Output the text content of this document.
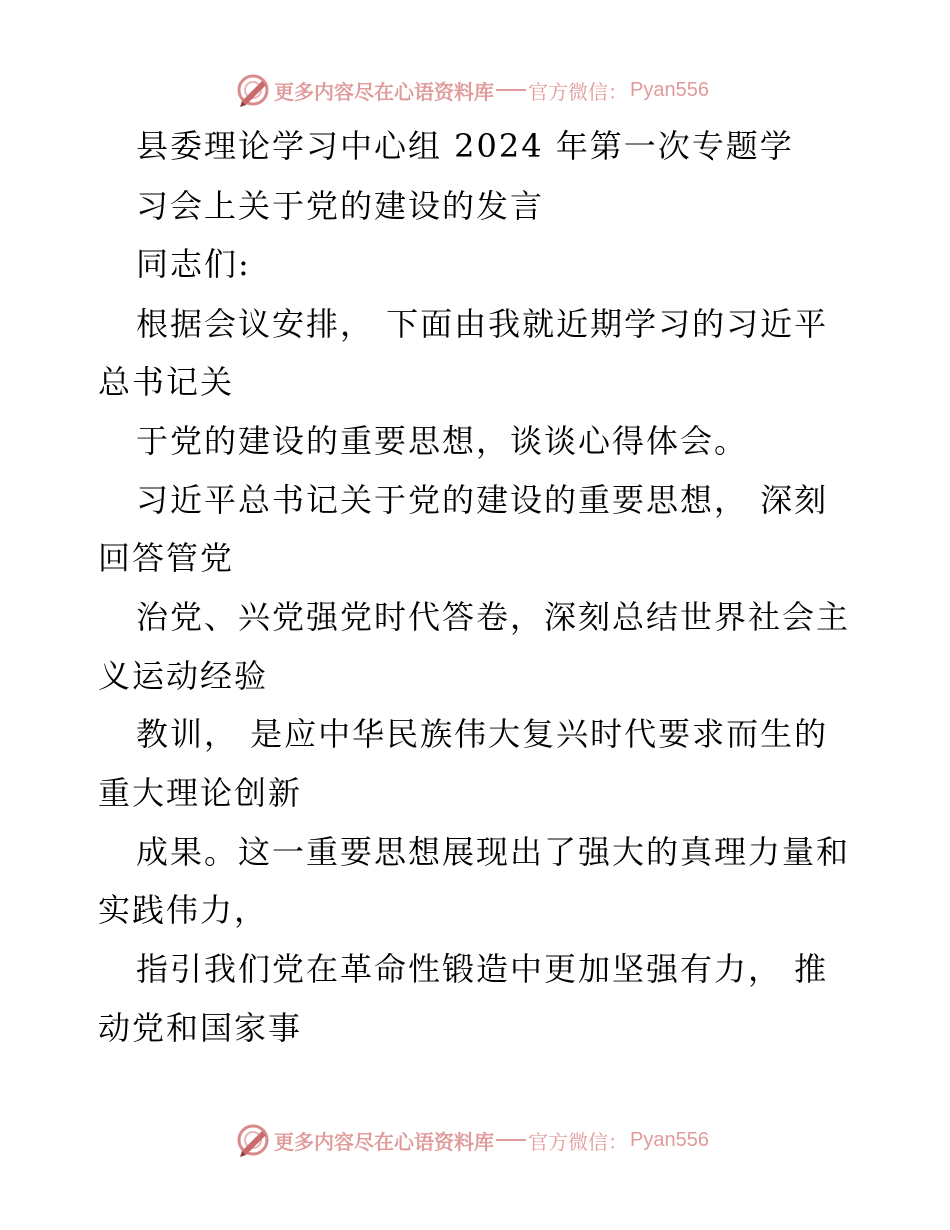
更多内容尽在心语资料库 官方微信： Pyan556
县委理论学习中心组 2024 年第一次专题学
习会上关于党的建设的发言
同志们:
根据会议安排， 下面由我就近期学习的习近平
总书记关
于党的建设的重要思想，谈谈心得体会。
习近平总书记关于党的建设的重要思想， 深刻
回答管党
治党、兴党强党时代答卷，深刻总结世界社会主
义运动经验
教训， 是应中华民族伟大复兴时代要求而生的
重大理论创新
成果。这一重要思想展现出了强大的真理力量和
实践伟力，
指引我们党在革命性锻造中更加坚强有力， 推
动党和国家事
更多内容尽在心语资料库 官方微信： Pyan556
